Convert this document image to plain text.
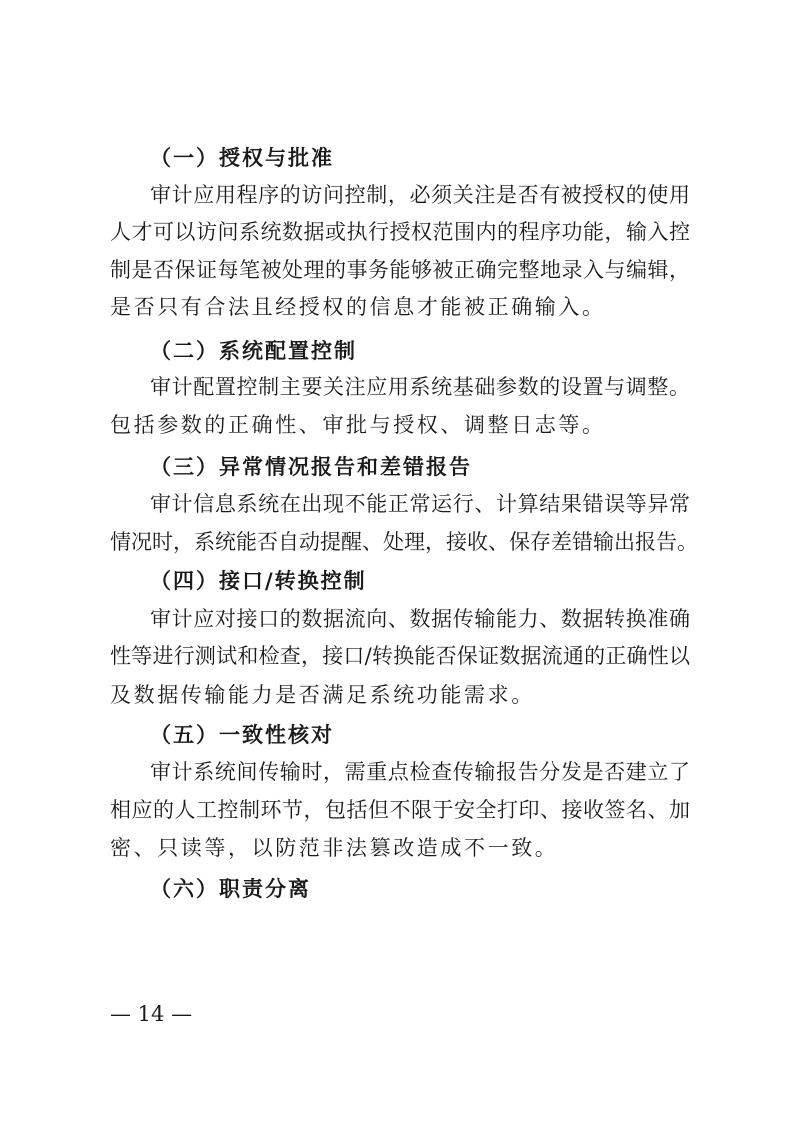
（一）授权与批准
审计应用程序的访问控制，必须关注是否有被授权的使用
人才可以访问系统数据或执行授权范围内的程序功能，输入控
制是否保证每笔被处理的事务能够被正确完整地录入与编辑，
是否只有合法且经授权的信息才能被正确输入。
（二）系统配置控制
审计配置控制主要关注应用系统基础参数的设置与调整。
包括参数的正确性、审批与授权、调整日志等。
（三）异常情况报告和差错报告
审计信息系统在出现不能正常运行、计算结果错误等异常
情况时，系统能否自动提醒、处理，接收、保存差错输出报告。
（四）接口/转换控制
审计应对接口的数据流向、数据传输能力、数据转换准确
性等进行测试和检查，接口/转换能否保证数据流通的正确性以
及数据传输能力是否满足系统功能需求。
（五）一致性核对
审计系统间传输时，需重点检查传输报告分发是否建立了
相应的人工控制环节，包括但不限于安全打印、接收签名、加
密、只读等，以防范非法篡改造成不一致。
（六）职责分离
— 14 —
